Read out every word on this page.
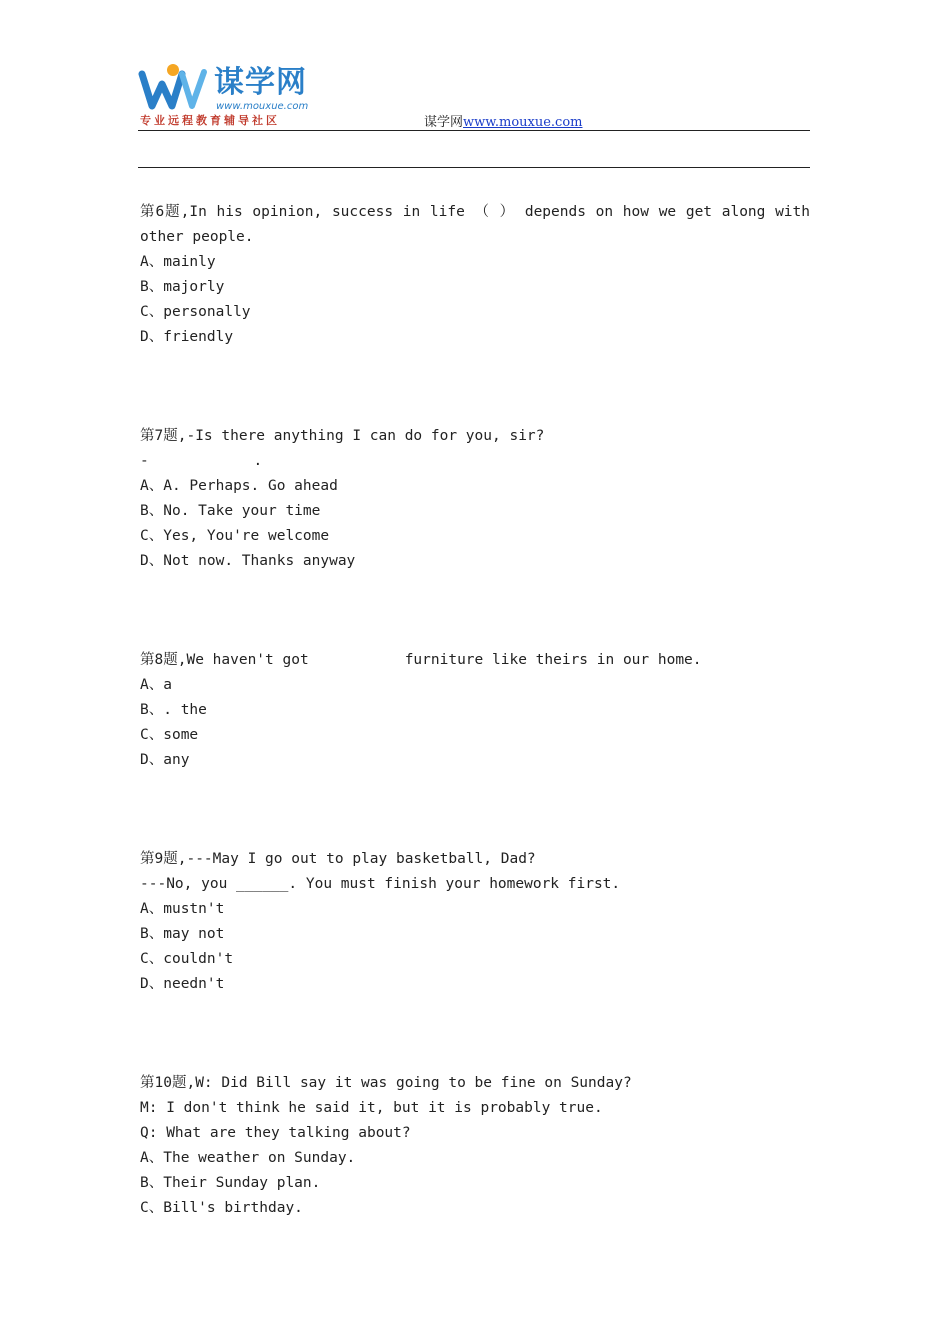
谋学网
www.mouxue.com
专业远程教育辅导社区	谋学网www.mouxue.com
第6题,In his opinion, success in life （ ） depends on how we get along with
other people.
A、mainly
B、majorly
C、personally
D、friendly
第7题,-Is there anything I can do for you, sir?
-            .
A、A. Perhaps. Go ahead
B、No. Take your time
C、Yes, You're welcome
D、Not now. Thanks anyway
第8题,We haven't got           furniture like theirs in our home.
A、a
B、. the
C、some
D、any
第9题,---May I go out to play basketball, Dad?
---No, you ______. You must finish your homework first.
A、mustn't
B、may not
C、couldn't
D、needn't
第10题,W: Did Bill say it was going to be fine on Sunday?
M: I don't think he said it, but it is probably true.
Q: What are they talking about?
A、The weather on Sunday.
B、Their Sunday plan.
C、Bill's birthday.
